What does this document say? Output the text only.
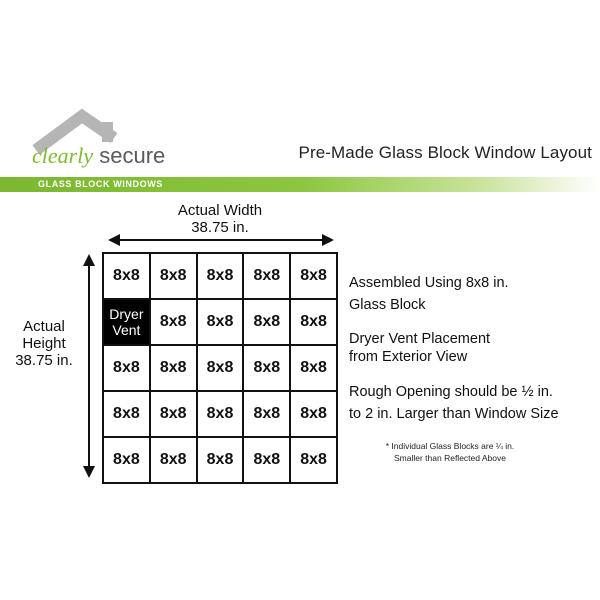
clearly secure	Pre-Made Glass Block Window Layout
GLASS BLOCK WINDOWS
Actual Width
38.75 in.
Actual
Height
38.75 in.
8x8	8x8	8x8	8x8	8x8
Dryer
Vent	8x8	8x8	8x8	8x8
8x8	8x8	8x8	8x8	8x8
8x8	8x8	8x8	8x8	8x8
8x8	8x8	8x8	8x8	8x8
Assembled Using 8x8 in.
Glass Block
Dryer Vent Placement
from Exterior View
Rough Opening should be ½ in.
to 2 in. Larger than Window Size
* Individual Glass Blocks are ¼ in.
Smaller than Reflected Above
